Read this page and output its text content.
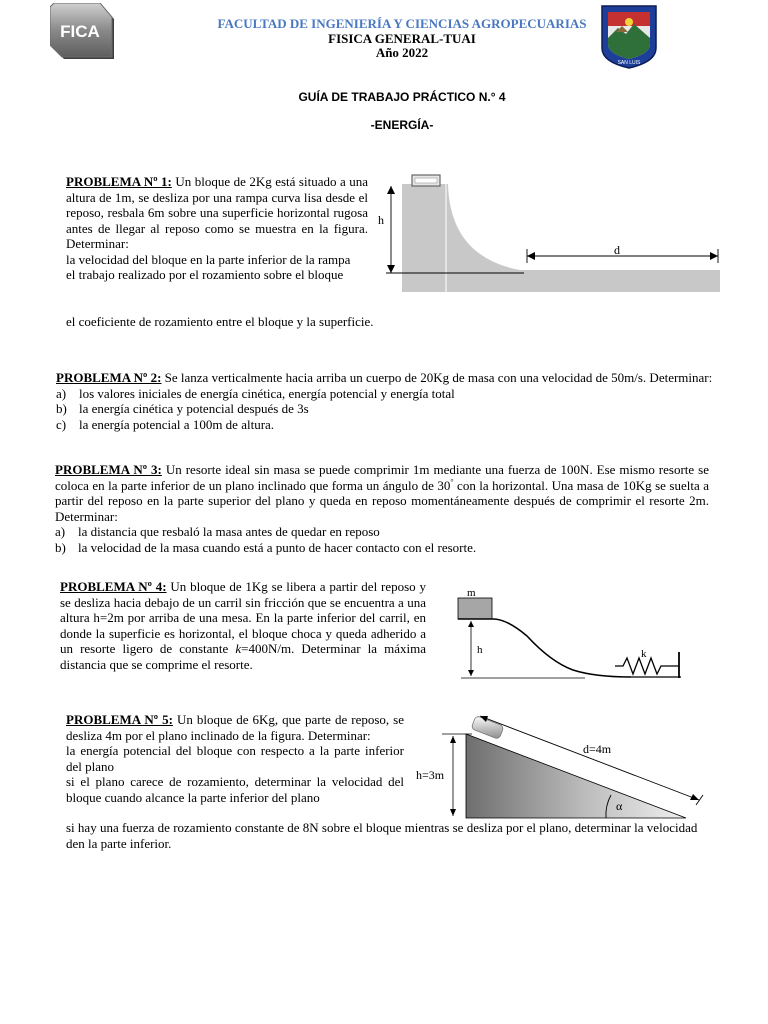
FICA	FACULTAD DE INGENIERÍA Y CIENCIAS AGROPECUARIAS
FISICA GENERAL-TUAI
Año 2022
SAN LUIS
GUÍA DE TRABAJO PRÁCTICO N.° 4
-ENERGÍA-

PROBLEMA Nº 1: Un bloque de 2Kg está situado a una altura de 1m, se desliza por una rampa curva lisa desde el reposo, resbala 6m sobre una superficie horizontal rugosa antes de llegar al reposo como se muestra en la figura. Determinar:

la velocidad del bloque en la parte inferior de la rampa

el trabajo realizado por el rozamiento sobre el bloque

el coeficiente de rozamiento entre el bloque y la superficie.
h
d

PROBLEMA Nº 2: Se lanza verticalmente hacia arriba un cuerpo de 20Kg de masa con una velocidad de 50m/s. Determinar:

a) los valores iniciales de energía cinética, energía potencial y energía total
b) la energía cinética y potencial después de 3s
c) la energía potencial a 100m de altura.

PROBLEMA Nº 3: Un resorte ideal sin masa se puede comprimir 1m mediante una fuerza de 100N. Ese mismo resorte se coloca en la parte inferior de un plano inclinado que forma un ángulo de 30° con la horizontal. Una masa de 10Kg se suelta a partir del reposo en la parte superior del plano y queda en reposo momentáneamente después de comprimir el resorte 2m. Determinar:

a) la distancia que resbaló la masa antes de quedar en reposo
b) la velocidad de la masa cuando está a punto de hacer contacto con el resorte.

PROBLEMA Nº 4: Un bloque de 1Kg se libera a partir del reposo y se desliza hacia debajo de un carril sin fricción que se encuentra a una altura h=2m por arriba de una mesa. En la parte inferior del carril, en donde la superficie es horizontal, el bloque choca y queda adherido a un resorte ligero de constante k=400N/m. Determinar la máxima distancia que se comprime el resorte.

m
h	k

PROBLEMA Nº 5: Un bloque de 6Kg, que parte de reposo, se desliza 4m por el plano inclinado de la figura. Determinar:

la energía potencial del bloque con respecto a la parte inferior del plano

si el plano carece de rozamiento, determinar la velocidad del bloque cuando alcance la parte inferior del plano

si hay una fuerza de rozamiento constante de 8N sobre el bloque mientras se desliza por el plano, determinar la velocidad den la parte inferior.
h=3m
d=4m
α
